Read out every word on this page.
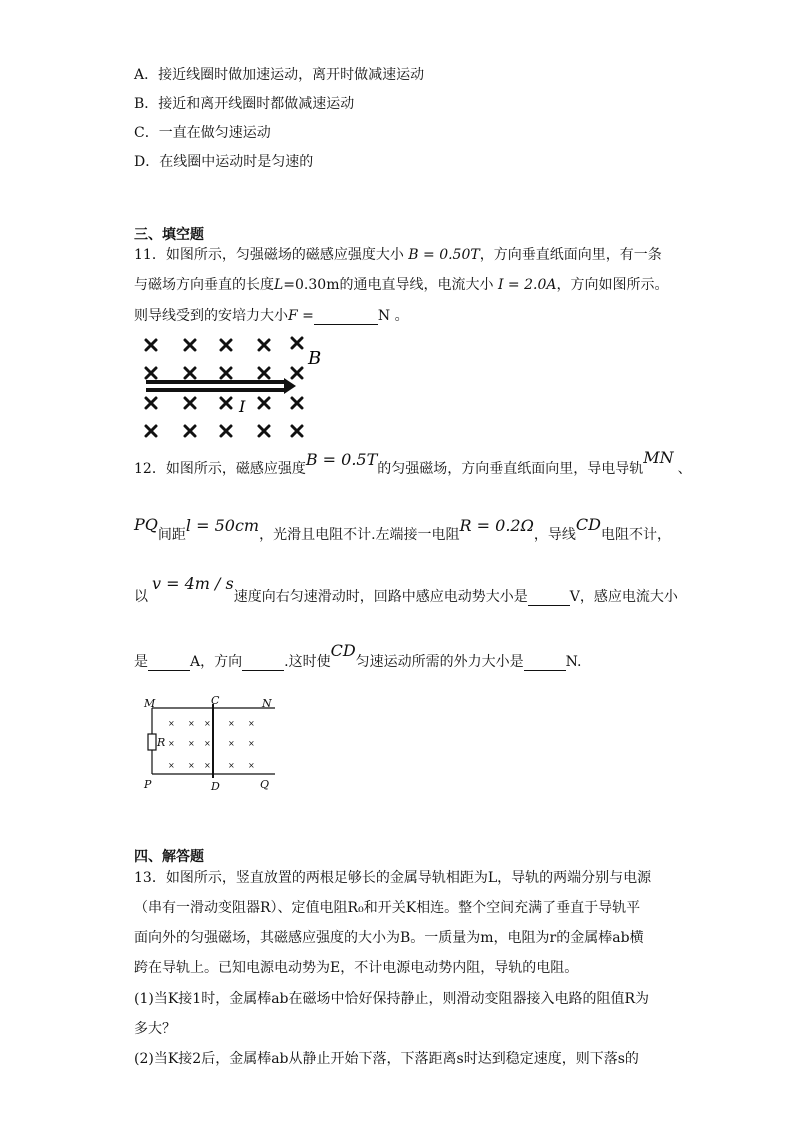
A．接近线圈时做加速运动，离开时做减速运动
B．接近和离开线圈时都做减速运动
C．一直在做匀速运动
D．在线圈中运动时是匀速的
三、填空题
11．如图所示，匀强磁场的磁感应强度大小 B = 0.50T，方向垂直纸面向里，有一条
与磁场方向垂直的长度L=0.30m的通电直导线，电流大小 I = 2.0A，方向如图所示。
则导线受到的安培力大小F =	N 。
B
I
12．如图所示，磁感应强度B = 0.5T的匀强磁场，方向垂直纸面向里，导电导轨MN、
PQ间距l = 50cm，光滑且电阻不计.左端接一电阻R = 0.2Ω，导线CD电阻不计，
以v = 4m / s速度向右匀速滑动时，回路中感应电动势大小是	V，感应电流大小
是	A，方向	.这时使CD匀速运动所需的外力大小是	N.
× × × × ×
× × × × ×
× × × × ×
M	C	N
R
P	D	Q
四、解答题
13．如图所示，竖直放置的两根足够长的金属导轨相距为L，导轨的两端分别与电源
（串有一滑动变阻器R）、定值电阻R₀和开关K相连。整个空间充满了垂直于导轨平
面向外的匀强磁场，其磁感应强度的大小为B。一质量为m，电阻为r的金属棒ab横
跨在导轨上。已知电源电动势为E，不计电源电动势内阻，导轨的电阻。
(1)当K接1时，金属棒ab在磁场中恰好保持静止，则滑动变阻器接入电路的阻值R为
多大？
(2)当K接2后，金属棒ab从静止开始下落，下落距离s时达到稳定速度，则下落s的
